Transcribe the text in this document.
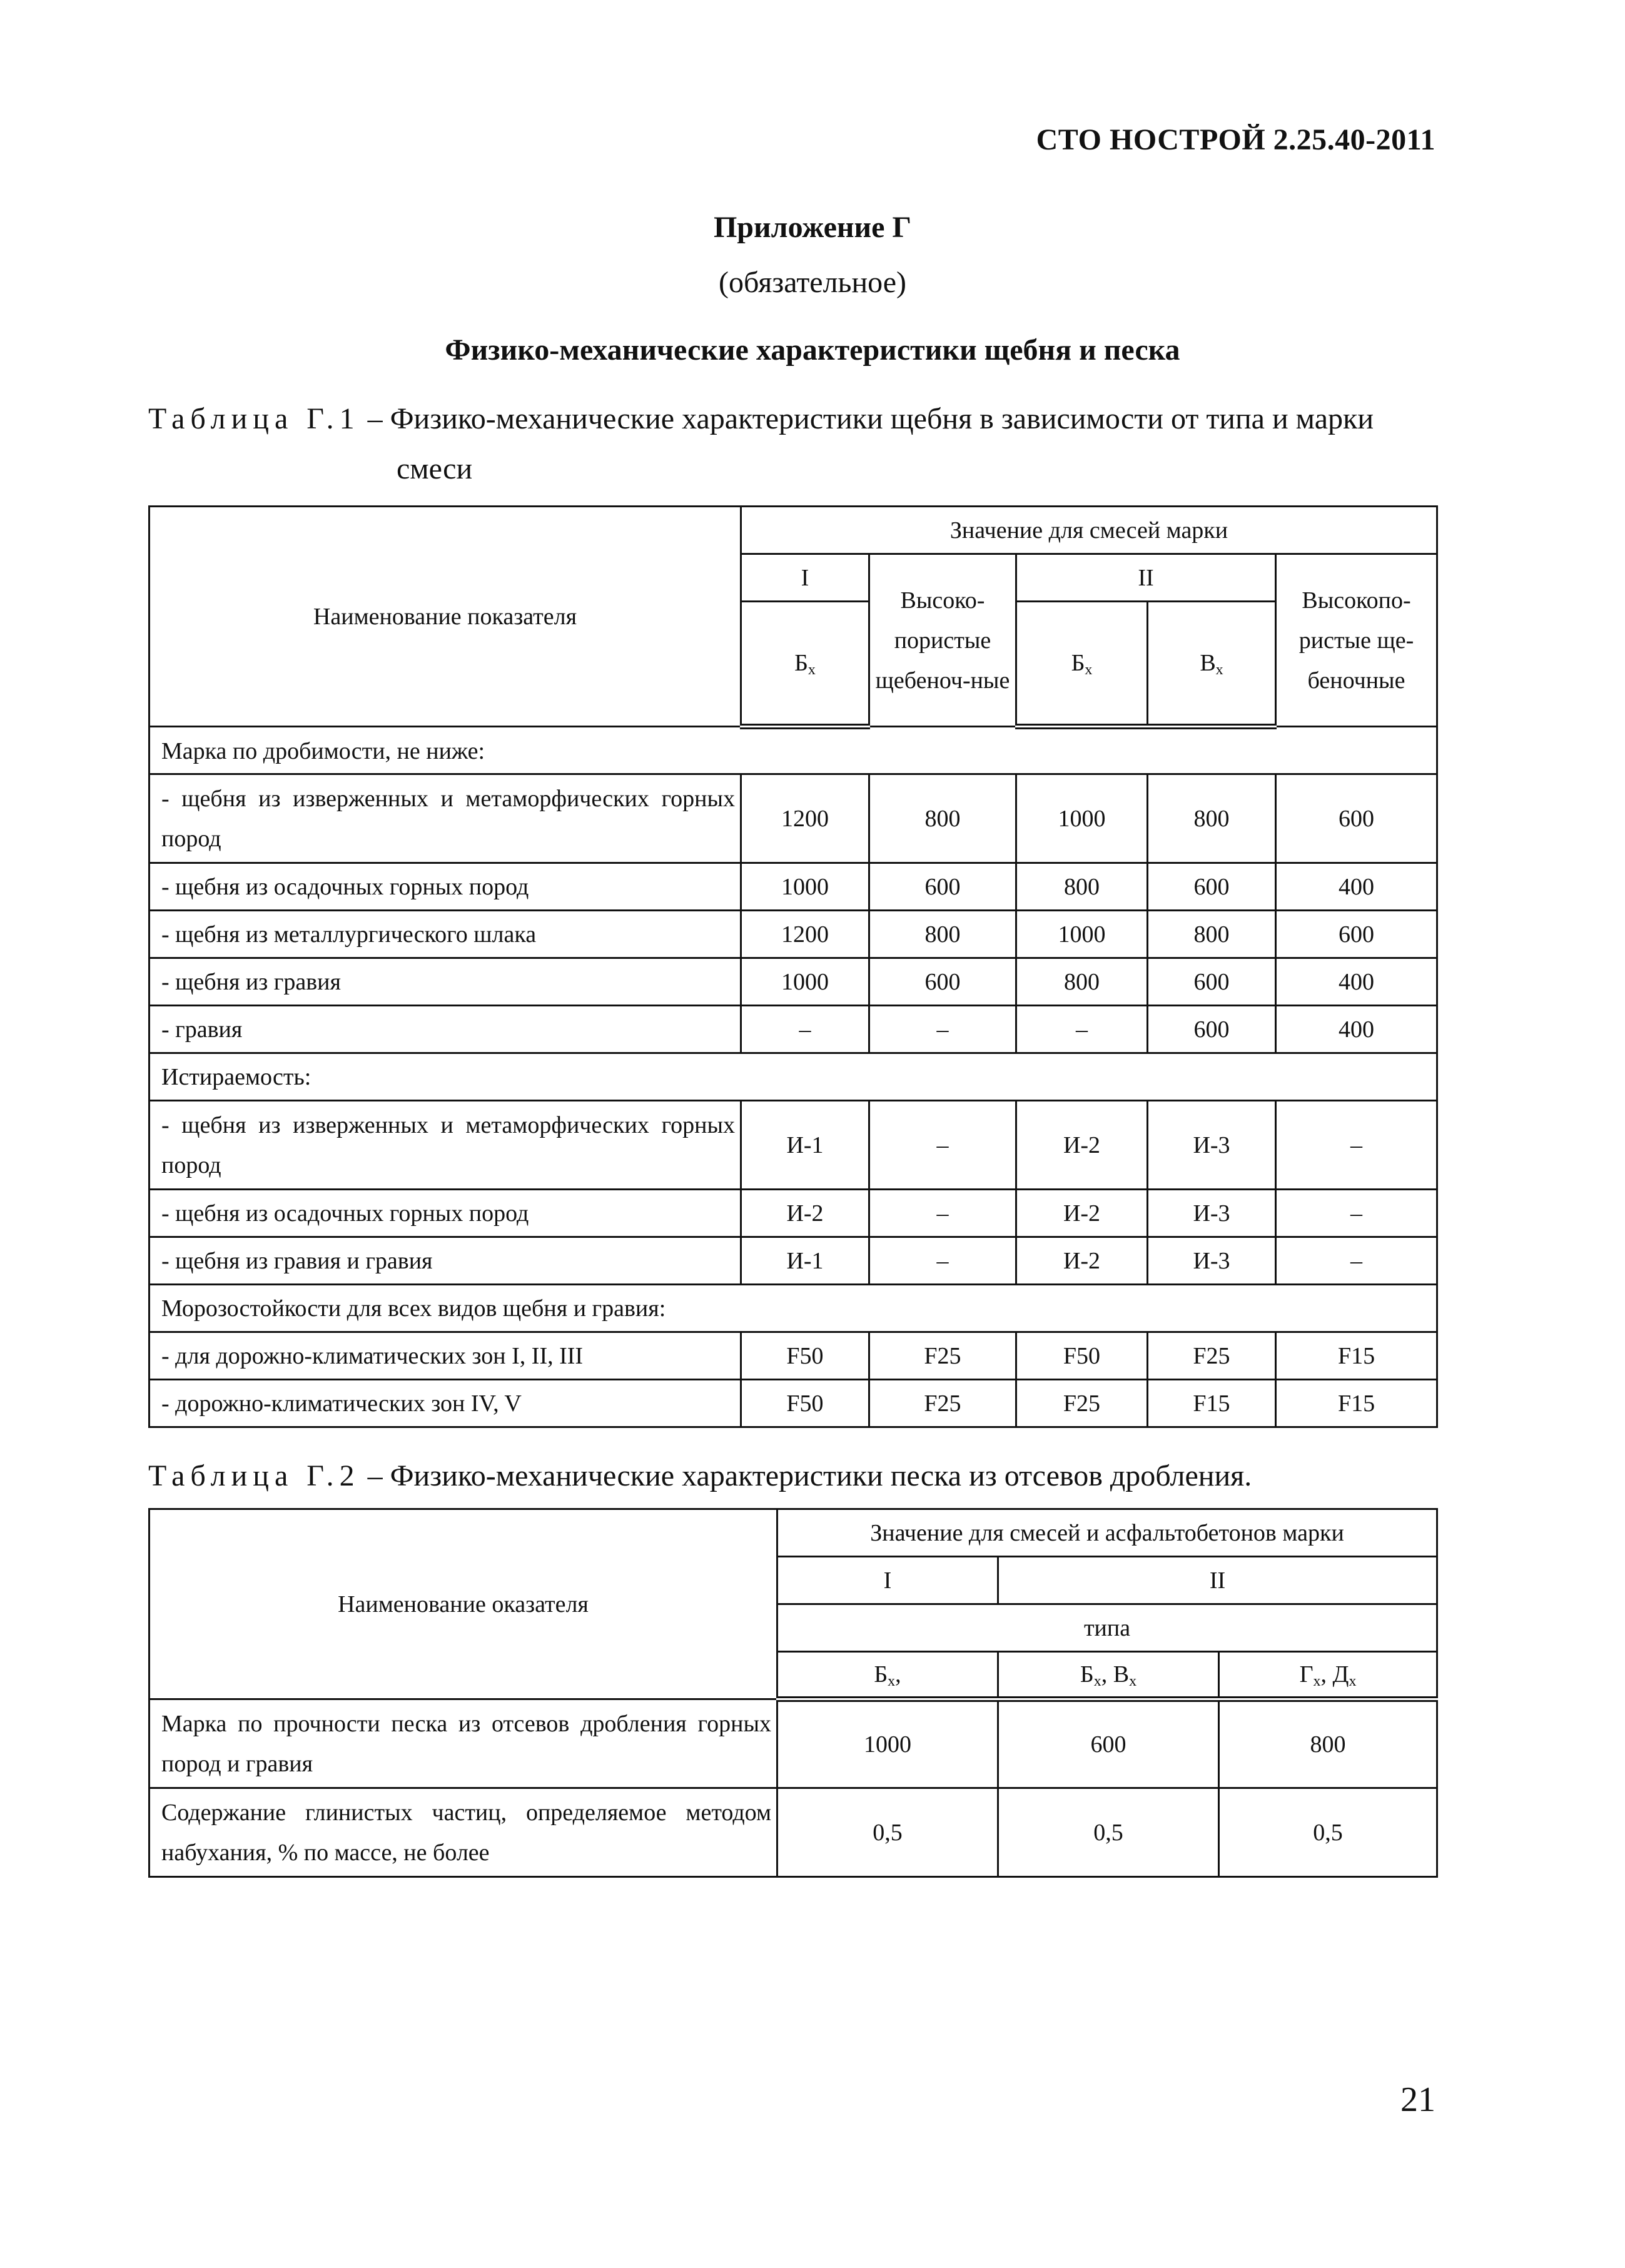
СТО НОСТРОЙ 2.25.40-2011
Приложение Г
(обязательное)
Физико-механические характеристики щебня и песка
Таблица Г.1 – Физико-механические характеристики щебня в зависимости от типа и марки
смеси
Наименование показателя	Значение для смесей марки				
	I	Высоко-пористые щебеноч-ные	II		Высокопо-ристые ще-беночные
	$Б_х$		$Б_х$	$В_х$
Марка по дробимости, не ниже:					
- щебня из изверженных и метаморфических горных пород	1200	800	1000	800	600
- щебня из осадочных горных пород	1000	600	800	600	400
- щебня из металлургического шлака	1200	800	1000	800	600
- щебня из гравия	1000	600	800	600	400
- гравия	–	–	–	600	400
Истираемость:					
- щебня из изверженных и метаморфических горных пород	И-1	–	И-2	И-3	–
- щебня из осадочных горных пород	И-2	–	И-2	И-3	–
- щебня из гравия и гравия	И-1	–	И-2	И-3	–
Морозостойкости для всех видов щебня и гравия:					
- для дорожно-климатических зон I, II, III	F50	F25	F50	F25	F15
- дорожно-климатических зон IV, V	F50	F25	F25	F15	F15
Таблица Г.2 – Физико-механические характеристики песка из отсевов дробления.
Наименование оказателя	Значение для смесей и асфальтобетонов марки		
	I	II	
	типа		
	$Б_х$,	$Б_х$, $В_х$	$Г_х$, $Д_х$
Марка по прочности песка из отсевов дробления горных пород и гравия	1000	600	800
Содержание глинистых частиц, определяемое методом набухания, % по массе, не более	0,5	0,5	0,5
21
